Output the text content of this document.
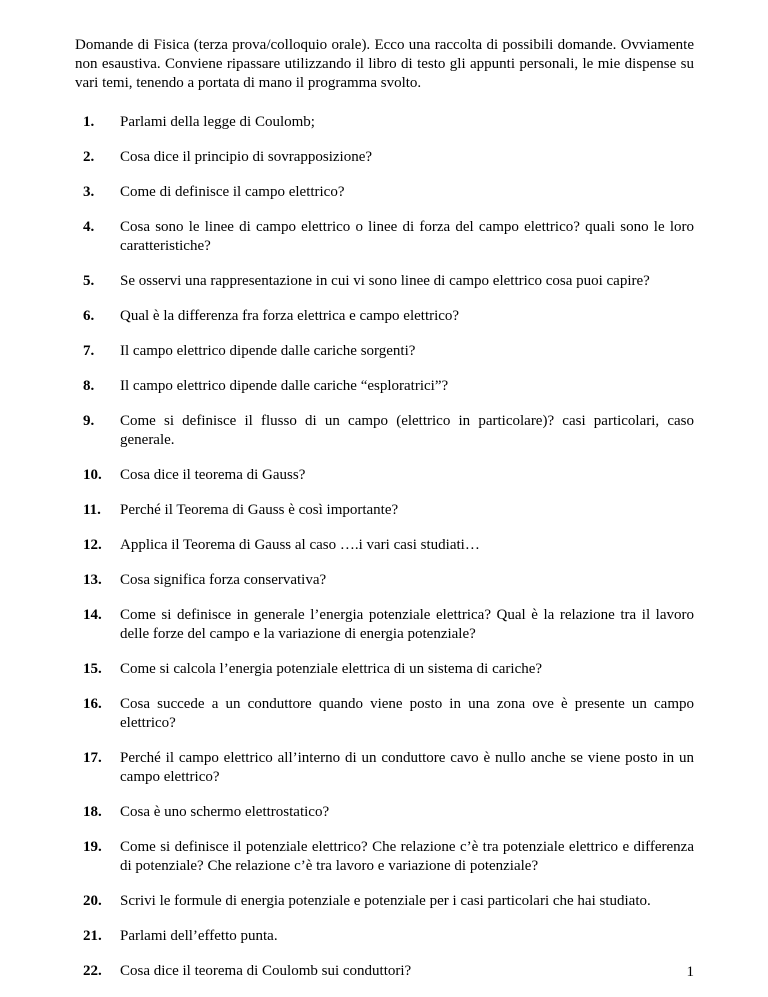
Domande di Fisica (terza prova/colloquio orale). Ecco una raccolta di possibili domande. Ovviamente non esaustiva. Conviene ripassare utilizzando il libro di testo gli appunti personali, le mie dispense su vari temi, tenendo a portata di mano il programma svolto.

1. Parlami della legge di Coulomb;
2. Cosa dice il principio di sovrapposizione?
3. Come di definisce il campo elettrico?
4. Cosa sono le linee di campo elettrico o linee di forza del campo elettrico? quali sono le loro caratteristiche?
5. Se osservi una rappresentazione in cui vi sono linee di campo elettrico cosa puoi capire?
6. Qual è la differenza fra forza elettrica e campo elettrico?
7. Il campo elettrico dipende dalle cariche sorgenti?
8. Il campo elettrico dipende dalle cariche “esploratrici”?
9. Come si definisce il flusso di un campo (elettrico in particolare)? casi particolari, caso generale.
10. Cosa dice il teorema di Gauss?
11. Perché il Teorema di Gauss è così importante?
12. Applica il Teorema di Gauss al caso ….i vari casi studiati…
13. Cosa significa forza conservativa?
14. Come si definisce in generale l’energia potenziale elettrica? Qual è la relazione tra il lavoro delle forze del campo e la variazione di energia potenziale?
15. Come si calcola l’energia potenziale elettrica di un sistema di cariche?
16. Cosa succede a un conduttore quando viene posto in una zona ove è presente un campo elettrico?
17. Perché il campo elettrico all’interno di un conduttore cavo è nullo anche se viene posto in un campo elettrico?
18. Cosa è uno schermo elettrostatico?
19. Come si definisce il potenziale elettrico? Che relazione c’è tra potenziale elettrico e differenza di potenziale? Che relazione c’è tra lavoro e variazione di potenziale?
20. Scrivi le formule di energia potenziale e potenziale per i casi particolari che hai studiato.
21. Parlami dell’effetto punta.
22. Cosa dice il teorema di Coulomb sui conduttori?	1
